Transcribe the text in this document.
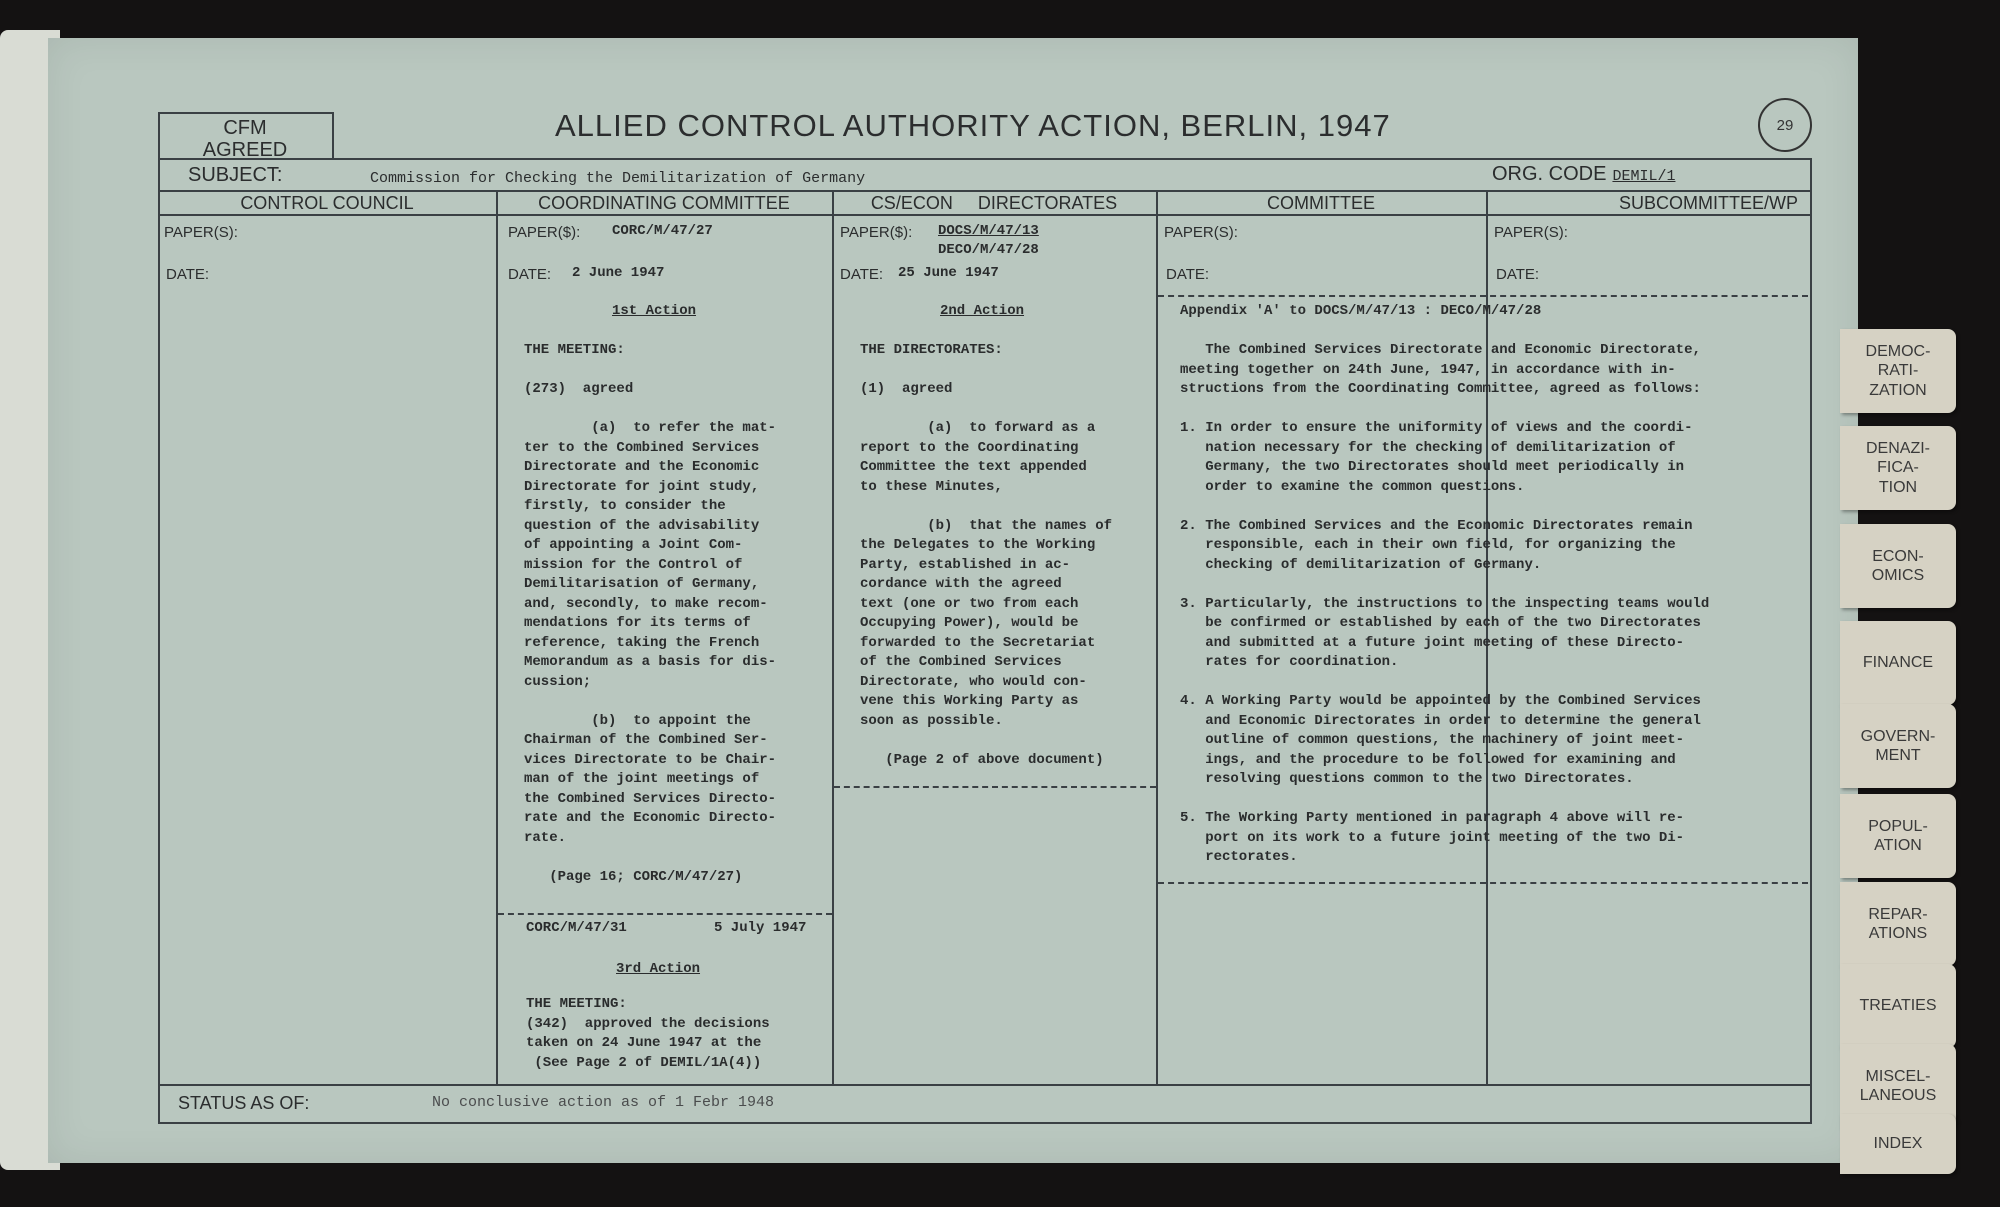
DEMOC-
RATI-
ZATION
DENAZI-
FICA-
TION
ECON-
OMICS
FINANCE
GOVERN-
MENT
POPUL-
ATION
REPAR-
ATIONS
TREATIES
MISCEL-
LANEOUS
INDEX
ALLIED CONTROL AUTHORITY ACTION, BERLIN, 1947	29
CFM
AGREED
SUBJECT:	Commission for Checking the Demilitarization of Germany	ORG. CODE DEMIL/1
CONTROL COUNCIL	COORDINATING COMMITTEE	CS/ECON     DIRECTORATES	COMMITTEE	SUBCOMMITTEE/WP
PAPER(S):
DATE:
PAPER($): CORC/M/47/27
DATE: 2 June 1947
PAPER($): DOCS/M/47/13
DECO/M/47/28
DATE: 25 June 1947
PAPER(S):
DATE:
PAPER(S):
DATE:
1st Action
THE MEETING:

(273)  agreed

(a)  to refer the mat-
ter to the Combined Services
Directorate and the Economic
Directorate for joint study,
firstly, to consider the
question of the advisability
of appointing a Joint Com-
mission for the Control of
Demilitarisation of Germany,
and, secondly, to make recom-
mendations for its terms of
reference, taking the French
Memorandum as a basis for dis-
cussion;

(b)  to appoint the
Chairman of the Combined Ser-
vices Directorate to be Chair-
man of the joint meetings of
the Combined Services Directo-
rate and the Economic Directo-
rate.

(Page 16; CORC/M/47/27)
CORC/M/47/31	5 July 1947
3rd Action
THE MEETING:
(342)  approved the decisions
taken on 24 June 1947 at the
(See Page 2 of DEMIL/1A(4))
2nd Action
THE DIRECTORATES:

(1)  agreed

(a)  to forward as a
report to the Coordinating
Committee the text appended
to these Minutes,

(b)  that the names of
the Delegates to the Working
Party, established in ac-
cordance with the agreed
text (one or two from each
Occupying Power), would be
forwarded to the Secretariat
of the Combined Services
Directorate, who would con-
vene this Working Party as
soon as possible.

(Page 2 of above document)
Appendix 'A' to DOCS/M/47/13 : DECO/M/47/28

The Combined Services Directorate and Economic Directorate,
meeting together on 24th June, 1947, in accordance with in-
structions from the Coordinating Committee, agreed as follows:

1. In order to ensure the uniformity of views and the coordi-
nation necessary for the checking of demilitarization of
Germany, the two Directorates should meet periodically in
order to examine the common questions.

2. The Combined Services and the Economic Directorates remain
responsible, each in their own field, for organizing the
checking of demilitarization of Germany.

3. Particularly, the instructions to the inspecting teams would
be confirmed or established by each of the two Directorates
and submitted at a future joint meeting of these Directo-
rates for coordination.

4. A Working Party would be appointed by the Combined Services
and Economic Directorates in order to determine the general
outline of common questions, the machinery of joint meet-
ings, and the procedure to be followed for examining and
resolving questions common to the two Directorates.

5. The Working Party mentioned in paragraph 4 above will re-
port on its work to a future joint meeting of the two Di-
rectorates.
STATUS AS OF:	No conclusive action as of 1 Febr 1948
